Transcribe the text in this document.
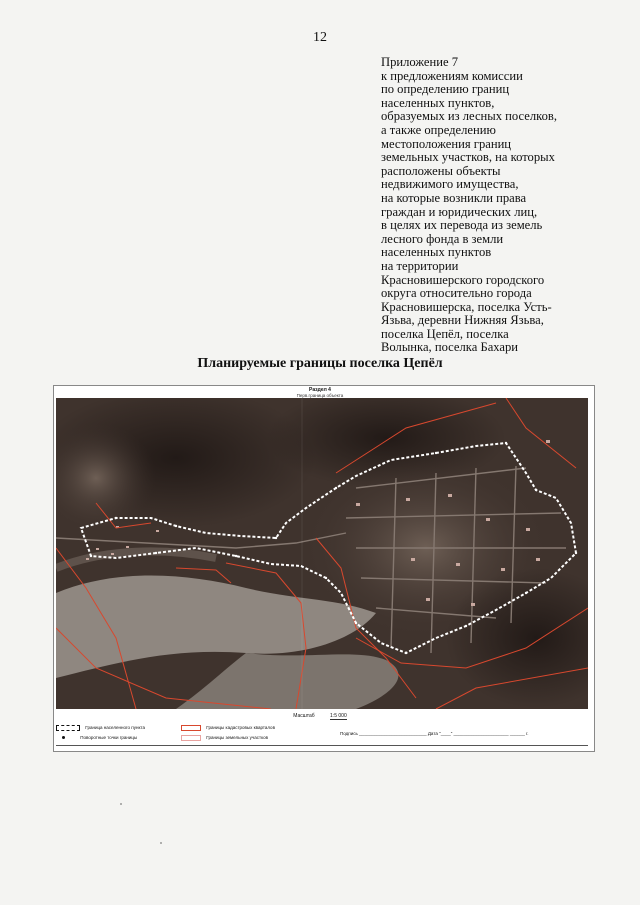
12
Приложение 7
к предложениям комиссии
по определению границ
населенных пунктов,
образуемых из лесных поселков,
а также определению
местоположения границ
земельных участков, на которых
расположены объекты
недвижимого имущества,
на которые возникли права
граждан и юридических лиц,
в целях их перевода из земель
лесного фонда в земли
населенных пунктов
на территории
Красновишерского городского
округа относительно города
Красновишерска, поселка Усть-
Язьва, деревни Нижняя Язьва,
поселка Цепёл, поселка
Волынка, поселка Бахари
Планируемые границы поселка Цепёл
Раздел 4
Перв.граница объекта
Масштаб	1:5 000
Граница населенного пункта
Поворотные точки границы
Границы кадастровых кварталов
Границы земельных участков
Подпись ___________________________ Дата "____" ______________________ ______ г.
